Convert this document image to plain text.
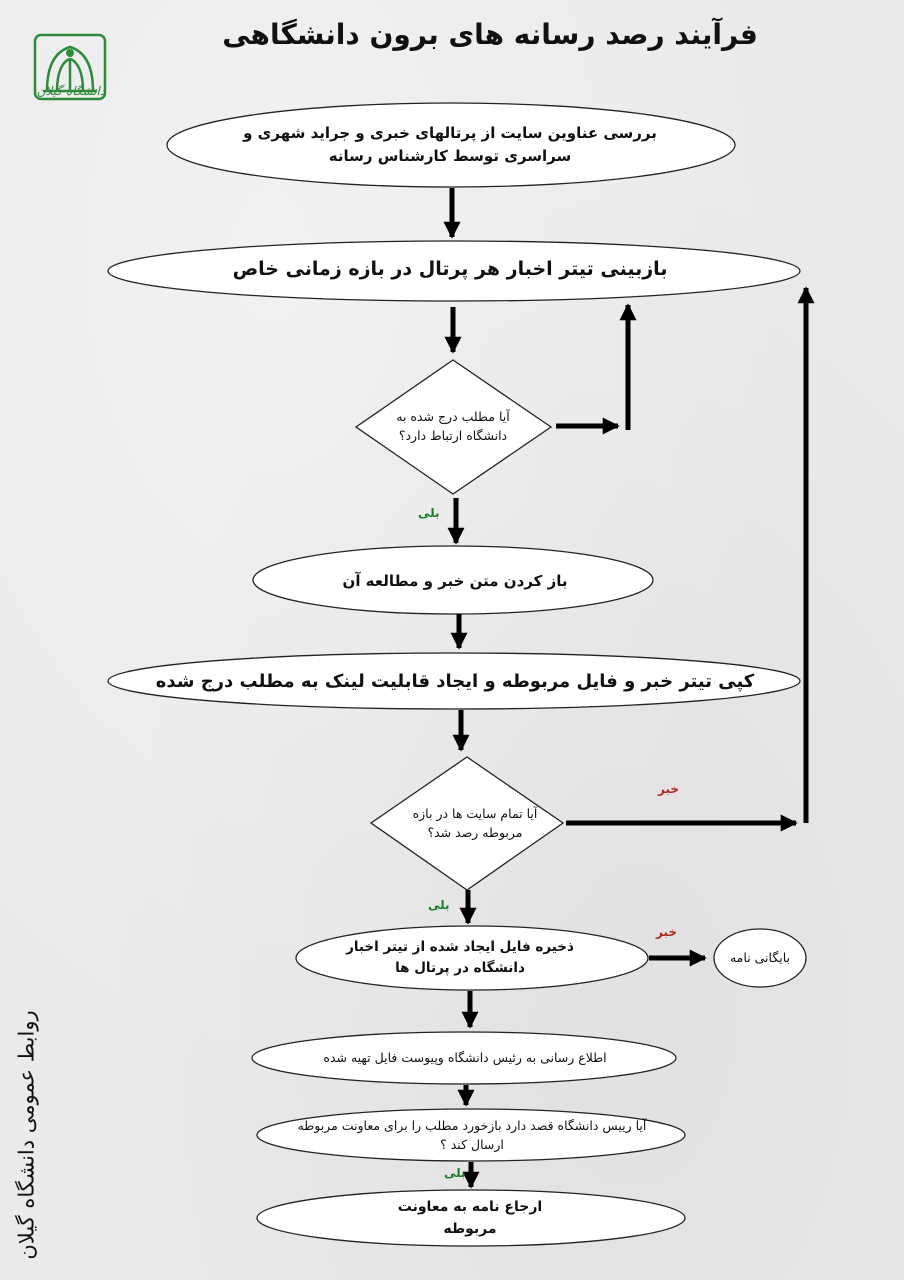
دانشگاه گیلان
فرآیند رصد رسانه های برون دانشگاهی
بررسی عناوین سایت از پرتالهای خبری و جراید شهری و سراسری توسط کارشناس رسانه
بازبینی تیتر اخبار هر پرتال در بازه زمانی خاص
آیا مطلب درج شده به دانشگاه ارتباط دارد؟
باز کردن متن خبر و مطالعه آن
کپی تیتر خبر و فایل مربوطه و ایجاد قابلیت لینک به مطلب درج شده
آیا تمام سایت ها در بازه مربوطه رصد شد؟
ذخیره فایل ایجاد شده از تیتر اخبار دانشگاه در پرتال ها
بایگانی نامه
اطلاع رسانی به رئیس دانشگاه وپیوست فایل تهیه شده
آیا رییس دانشگاه قصد دارد بازخورد مطلب را برای معاونت مربوطه ارسال کند ؟
ارجاع نامه به معاونت مربوطه
بلی
خبر
بلی
خبر
بلی
روابط عمومی دانشگاه گیلان
